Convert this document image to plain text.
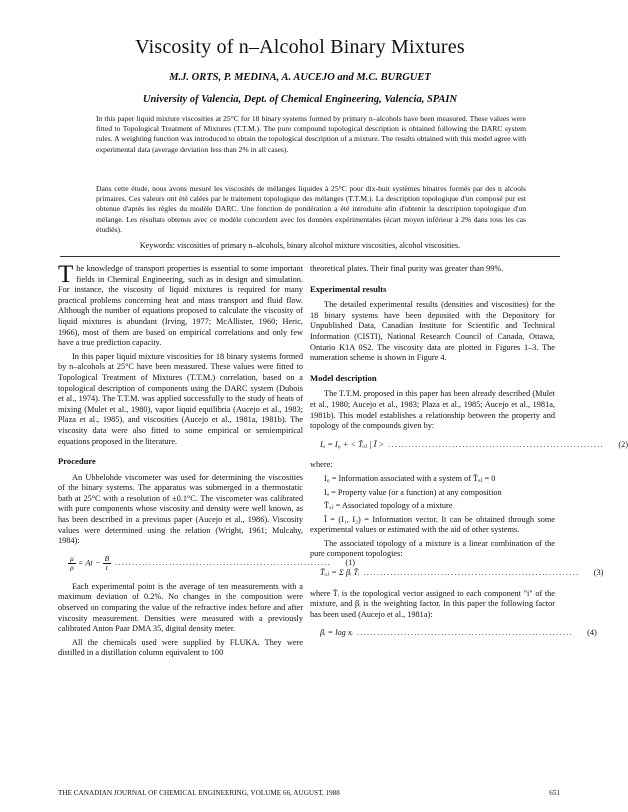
Viscosity of n–Alcohol Binary Mixtures
M.J. ORTS, P. MEDINA, A. AUCEJO and M.C. BURGUET
University of Valencia, Dept. of Chemical Engineering, Valencia, SPAIN

In this paper liquid mixture viscosities at 25°C for 18 binary systems formed by primary n–alcohols have been measured. These values were fitted to Topological Treatment of Mixtures (T.T.M.). The pure compound topological description is obtained following the DARC system rules. A weighting function was introduced to obtain the topological description of a mixture. The results obtained with this model agree with experimental data (average deviation less than 2% in all cases).

Dans cette étude, nous avons mesuré les viscosités de mélanges liquides à 25°C pour dix-huit systèmes binaires formés par des n alcools primaires. Ces valeurs ont été calées par le traitement topologique des mélanges (T.T.M.). La description topologique d'un composé pur est obtenue d'après les règles du modèle DARC. Une fonction de pondération a été introduite afin d'obtenir la description topologique d'un mélange. Les résultats obtenus avec ce modèle concordent avec les données expérimentales (écart moyen inférieur à 2% dans tous les cas étudiés).

Keywords: viscosities of primary n–alcohols, binary alcohol mixture viscosities, alcohol viscosities.

The knowledge of transport properties is essential to some important fields in Chemical Engineering, such as in design and simulation. For instance, the viscosity of liquid mixtures is required for many practical problems concerning heat and mass transport and fluid flow. Although the number of equations proposed to calculate the viscosity of liquid mixtures is abundant (Irving, 1977; McAllister, 1960; Heric, 1966), most of them are based on empirical correlations and only few have a true prediction capacity.

In this paper liquid mixture viscosities for 18 binary systems formed by n–alcohols at 25°C have been measured. These values were fitted to Topological Treatment of Mixtures (T.T.M.) correlation, based on a topological description of components using the DARC system (Dubois et al., 1974). The T.T.M. was applied successfully to the study of heats of mixing (Mulet et al., 1980), vapor liquid equilibria (Aucejo et al., 1983; Plaza et al., 1985), and viscosities (Aucejo et al., 1981a, 1981b). The viscosity data were also fitted to some empirical or semiempirical equations proposed in the literature.

Procedure

An Ubbelohde viscometer was used for determining the viscosities of the binary systems. The apparatus was submerged in a thermostatic bath at 25°C with a resolution of ±0.1°C. The viscometer was calibrated with pure components whose viscosity and density were well known, as has been described in a previous paper (Aucejo et al., 1986). Viscosity values were determined using the relation (Wright, 1961; Mulcahy, 1984):

$\frac{\mu}{\rho} = At - \frac{B}{t}$ ................................................................	(1)

Each experimental point is the average of ten measurements with a maximum deviation of 0.2%. No changes in the composition were observed on comparing the value of the refractive index before and after viscosity measurement. Densities were measured with a previously calibrated Anton Paar DMA 35, digital density meter.

All the chemicals used were supplied by FLUKA. They were distilled in a distillation column equivalent to 100

theoretical plates. Their final purity was greater than 99%.

Experimental results

The detailed experimental results (densities and viscosities) for the 18 binary systems have been deposited with the Depository for Unpublished Data, Canadian Institute for Scientific and Technical Information (CISTI), National Research Council of Canada, Ottawa, Ontario K1A 0S2. The viscosity data are plotted in Figures 1–3. The numeration scheme is shown in Figure 4.

Model description

The T.T.M. proposed in this paper has been already described (Mulet et al., 1980; Aucejo et al., 1983; Plaza et al., 1985; Aucejo et al., 1981a, 1981b). This model establishes a relationship between the property and topology of the compounds given by:

Iₐ = I₀ + < T̄ₐⱼ | Ī > ................................................................	(2)

where:

I₀ = Information associated with a system of T̄ₐⱼ = 0

Iₐ = Property value (or a function) at any composition

T̄ₐⱼ = Associated topology of a mixture

Ī = (I₁, I₂) = Information vector. It can be obtained through some experimental values or estimated with the aid of other systems.

The associated topology of a mixture is a linear combination of the pure component topologies:

T̄ₐⱼ = Σ βᵢ T̄ᵢ ................................................................	(3)

where T̄ᵢ is the topological vector assigned to each component "i" of the mixture, and βᵢ is the weighting factor. In this paper the following factor has been used (Aucejo et al., 1981a):

βᵢ = log xᵢ ................................................................	(4)
THE CANADIAN JOURNAL OF CHEMICAL ENGINEERING, VOLUME 66, AUGUST, 1988	651
